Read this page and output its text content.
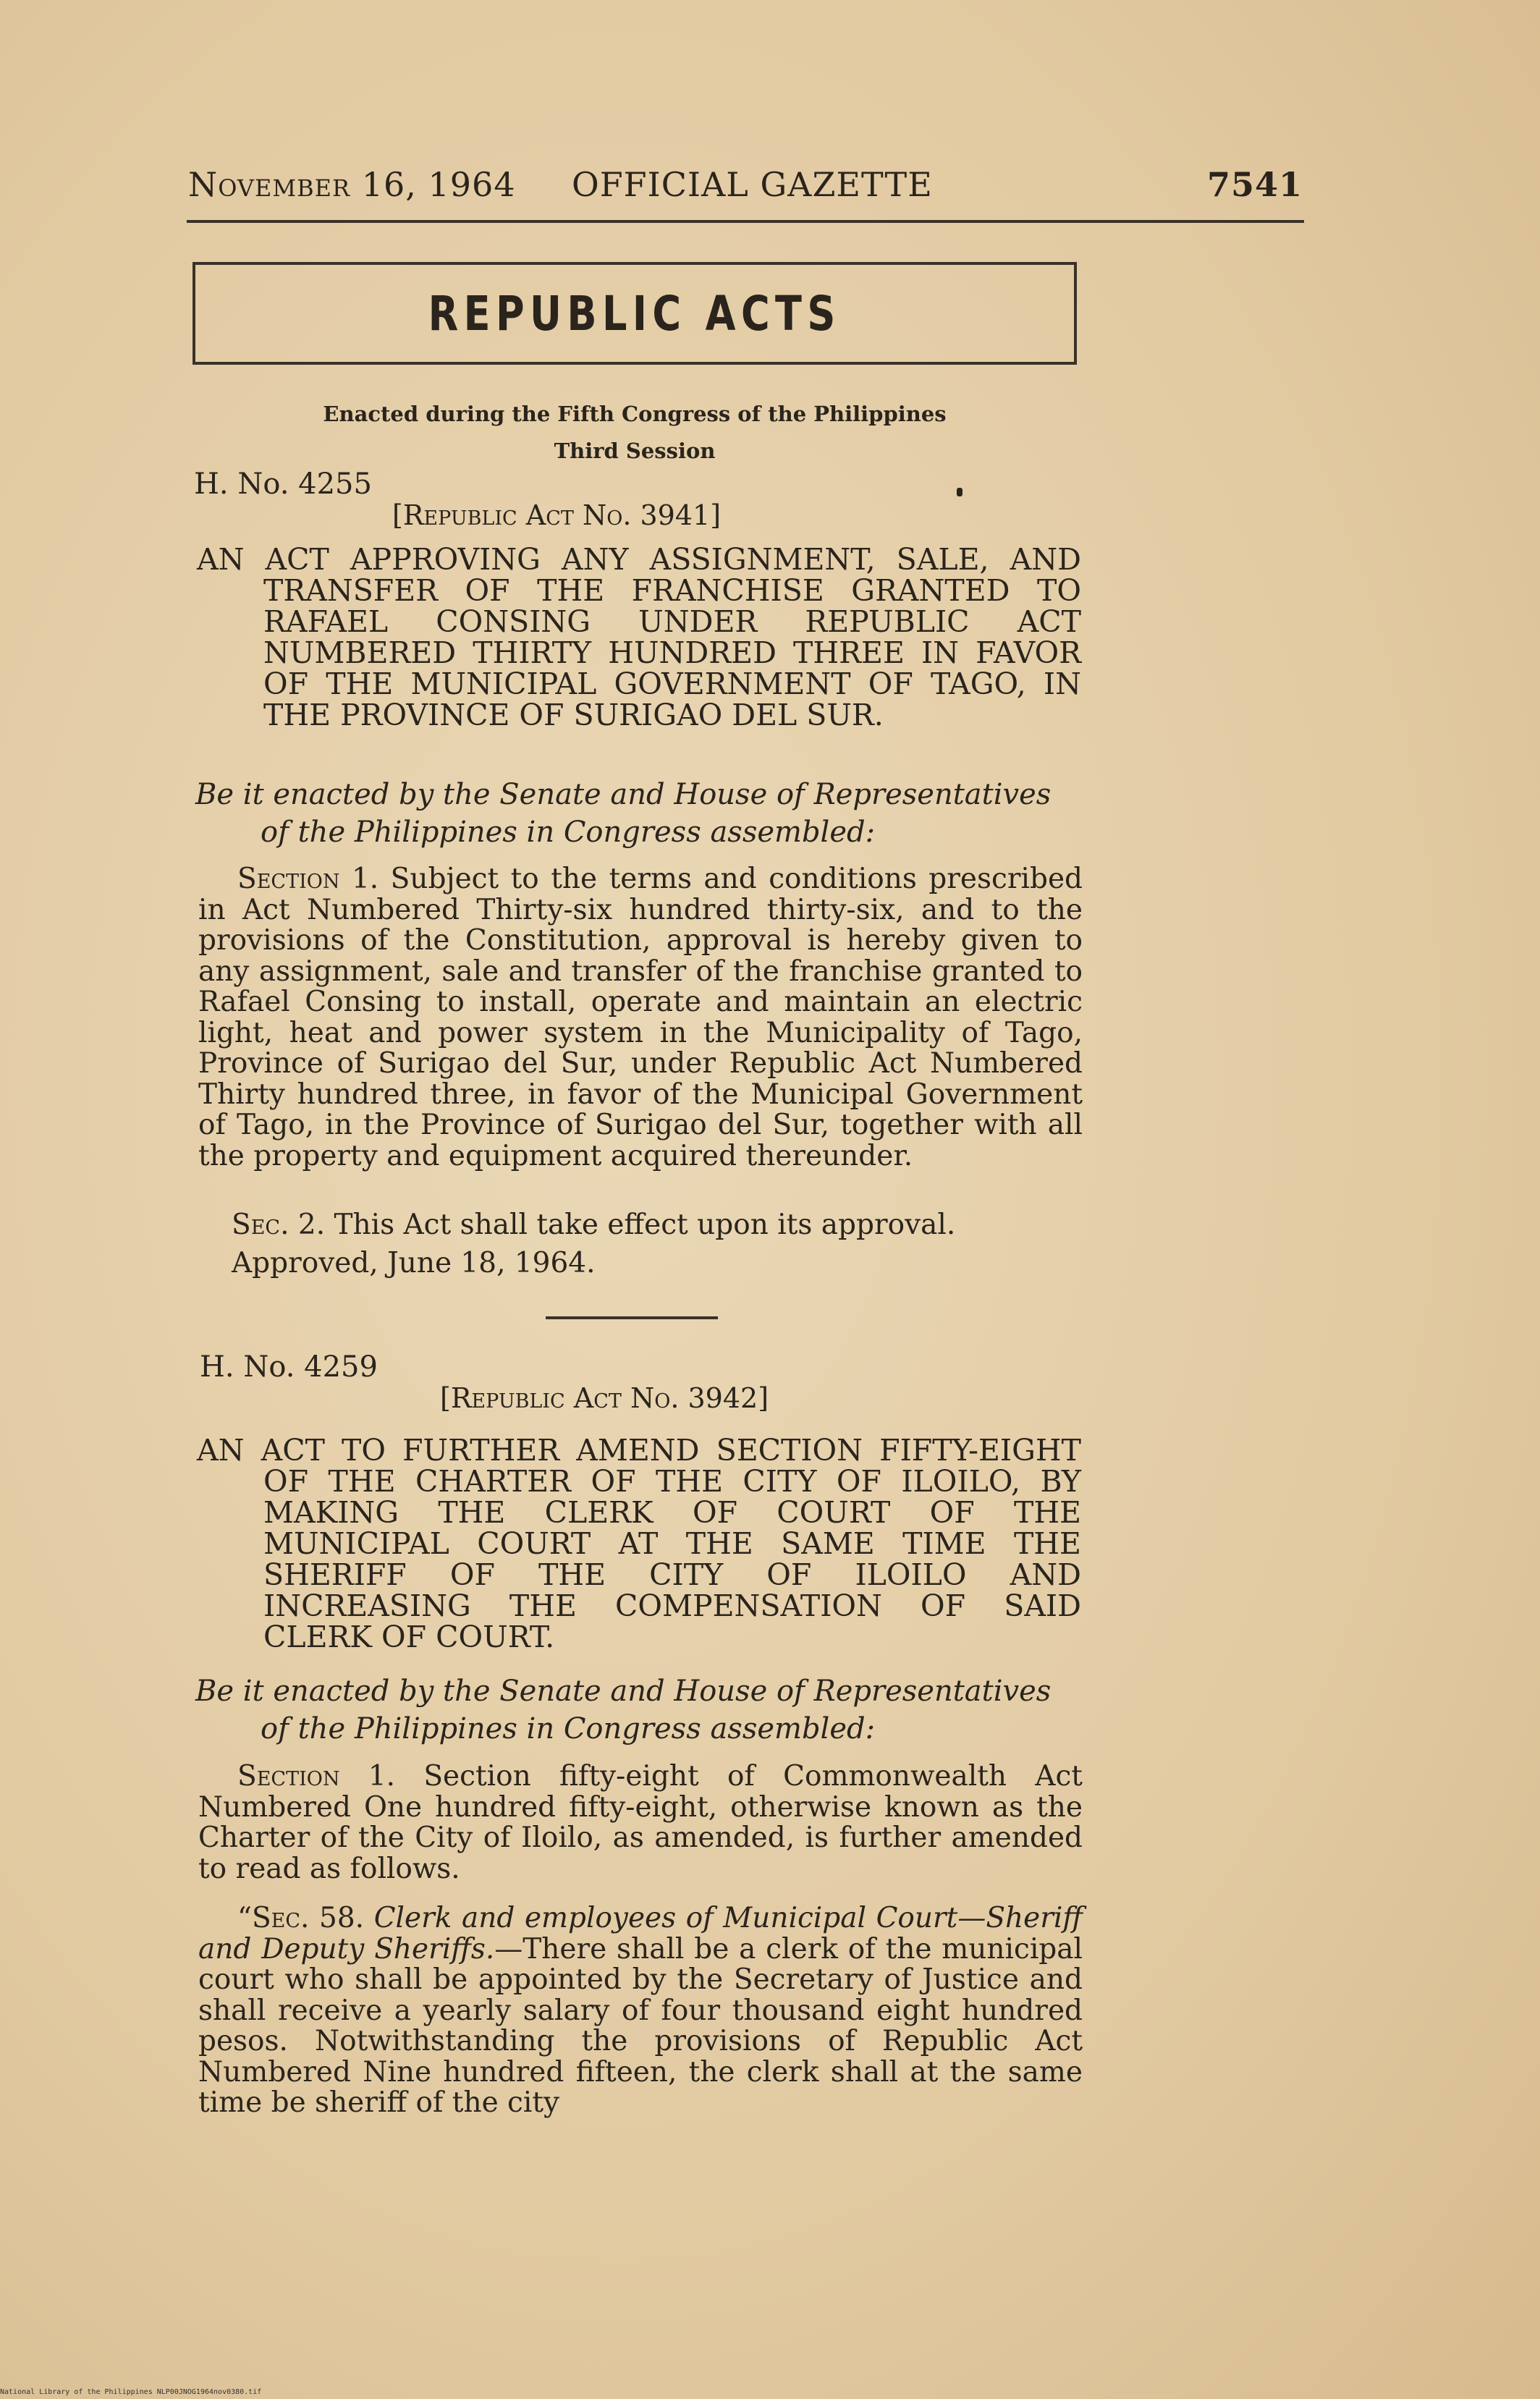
November 16, 1964 OFFICIAL GAZETTE	7541
REPUBLIC ACTS
Enacted during the Fifth Congress of the Philippines
Third Session
H. No. 4255
[Republic Act No. 3941]

AN ACT APPROVING ANY ASSIGNMENT, SALE, AND TRANSFER OF THE FRANCHISE GRANTED TO RAFAEL CONSING UNDER REPUBLIC ACT NUMBERED THIRTY HUNDRED THREE IN FAVOR OF THE MUNICIPAL GOVERNMENT OF TAGO, IN THE PROVINCE OF SURIGAO DEL SUR.

Be it enacted by the Senate and House of Representatives of the Philippines in Congress assembled:

Section 1. Subject to the terms and conditions prescribed in Act Numbered Thirty-six hundred thirty-six, and to the provisions of the Constitution, approval is hereby given to any assignment, sale and transfer of the franchise granted to Rafael Consing to install, operate and maintain an electric light, heat and power system in the Municipality of Tago, Province of Surigao del Sur, under Republic Act Numbered Thirty hundred three, in favor of the Municipal Government of Tago, in the Province of Surigao del Sur, together with all the property and equipment acquired thereunder.

Sec. 2. This Act shall take effect upon its approval.
Approved, June 18, 1964.
H. No. 4259
[Republic Act No. 3942]

AN ACT TO FURTHER AMEND SECTION FIFTY-EIGHT OF THE CHARTER OF THE CITY OF ILOILO, BY MAKING THE CLERK OF COURT OF THE MUNICIPAL COURT AT THE SAME TIME THE SHERIFF OF THE CITY OF ILOILO AND INCREASING THE COMPENSATION OF SAID CLERK OF COURT.

Be it enacted by the Senate and House of Representatives of the Philippines in Congress assembled:

Section 1. Section fifty-eight of Commonwealth Act Numbered One hundred fifty-eight, otherwise known as the Charter of the City of Iloilo, as amended, is further amended to read as follows.

“Sec. 58. Clerk and employees of Municipal Court—Sheriff and Deputy Sheriffs.—There shall be a clerk of the municipal court who shall be appointed by the Secretary of Justice and shall receive a yearly salary of four thousand eight hundred pesos. Notwithstanding the provisions of Republic Act Numbered Nine hundred fifteen, the clerk shall at the same time be sheriff of the city

National Library of the Philippines NLP00JNOG1964nov0380.tif
